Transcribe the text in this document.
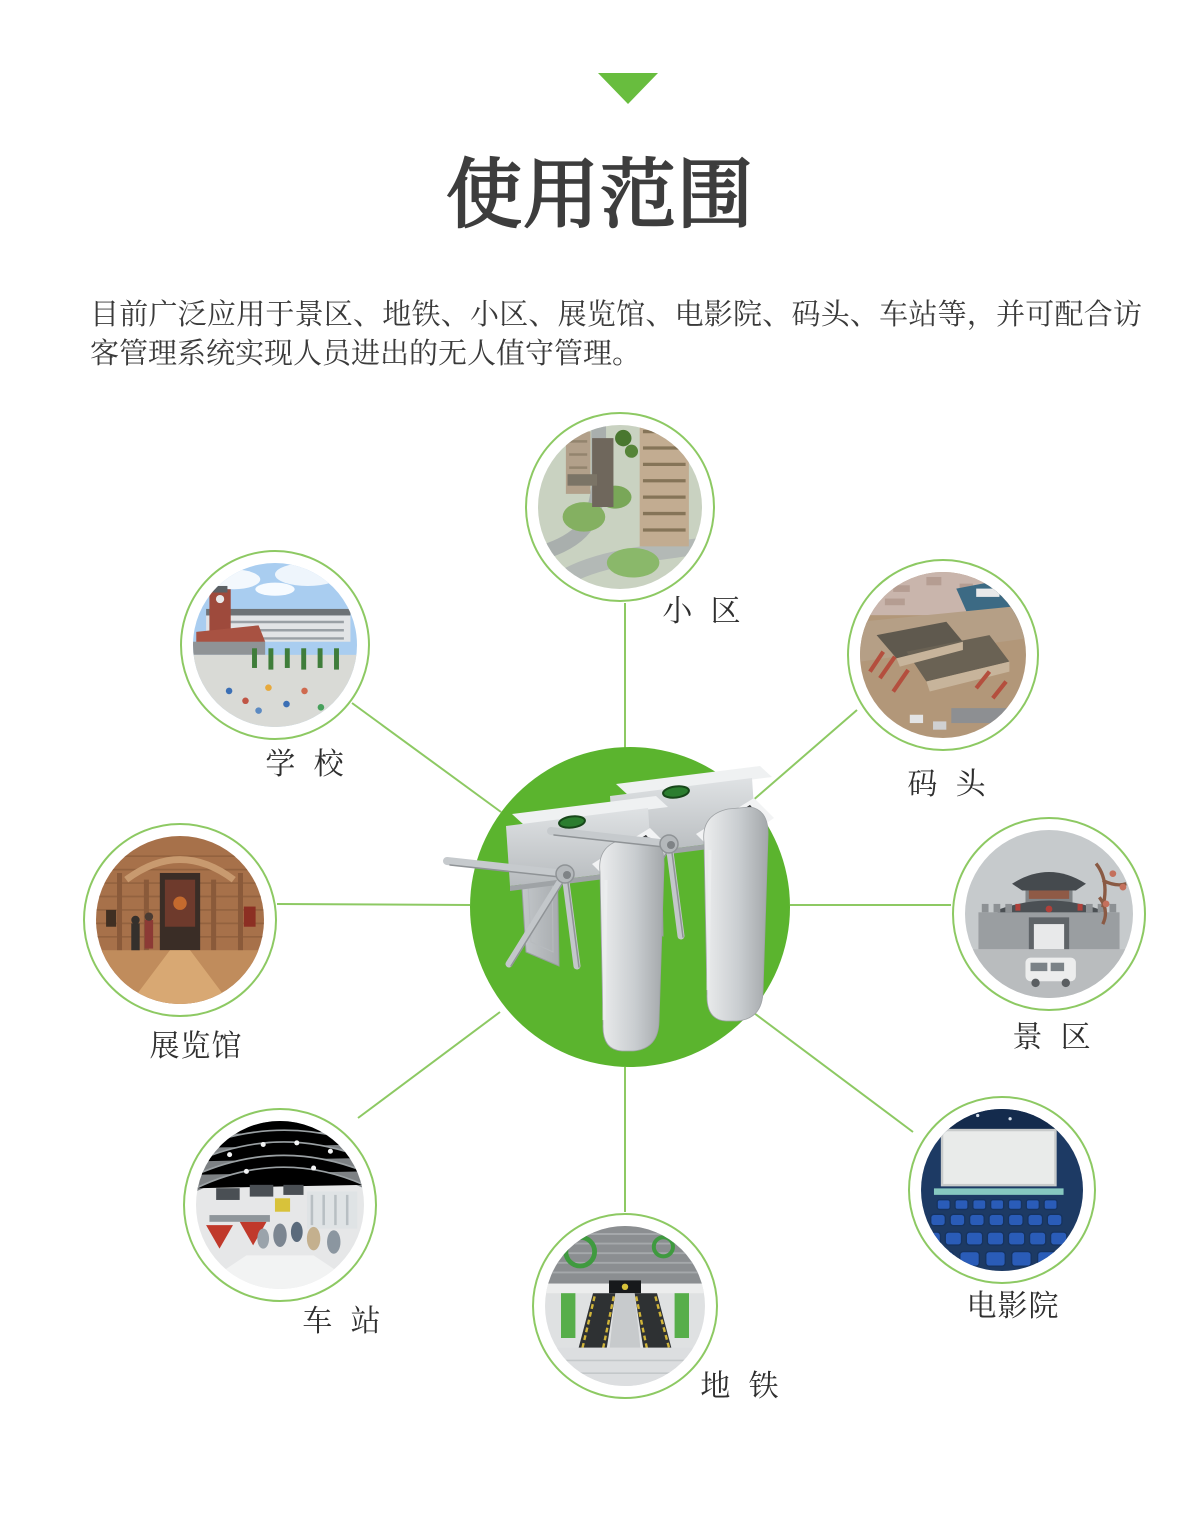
使用范围
目前广泛应用于景区、地铁、小区、展览馆、电影院、码头、车站等，并可配合访客管理系统实现人员进出的无人值守管理。
小 区
码 头
学 校
展览馆	景 区
车 站	电影院
地 铁
